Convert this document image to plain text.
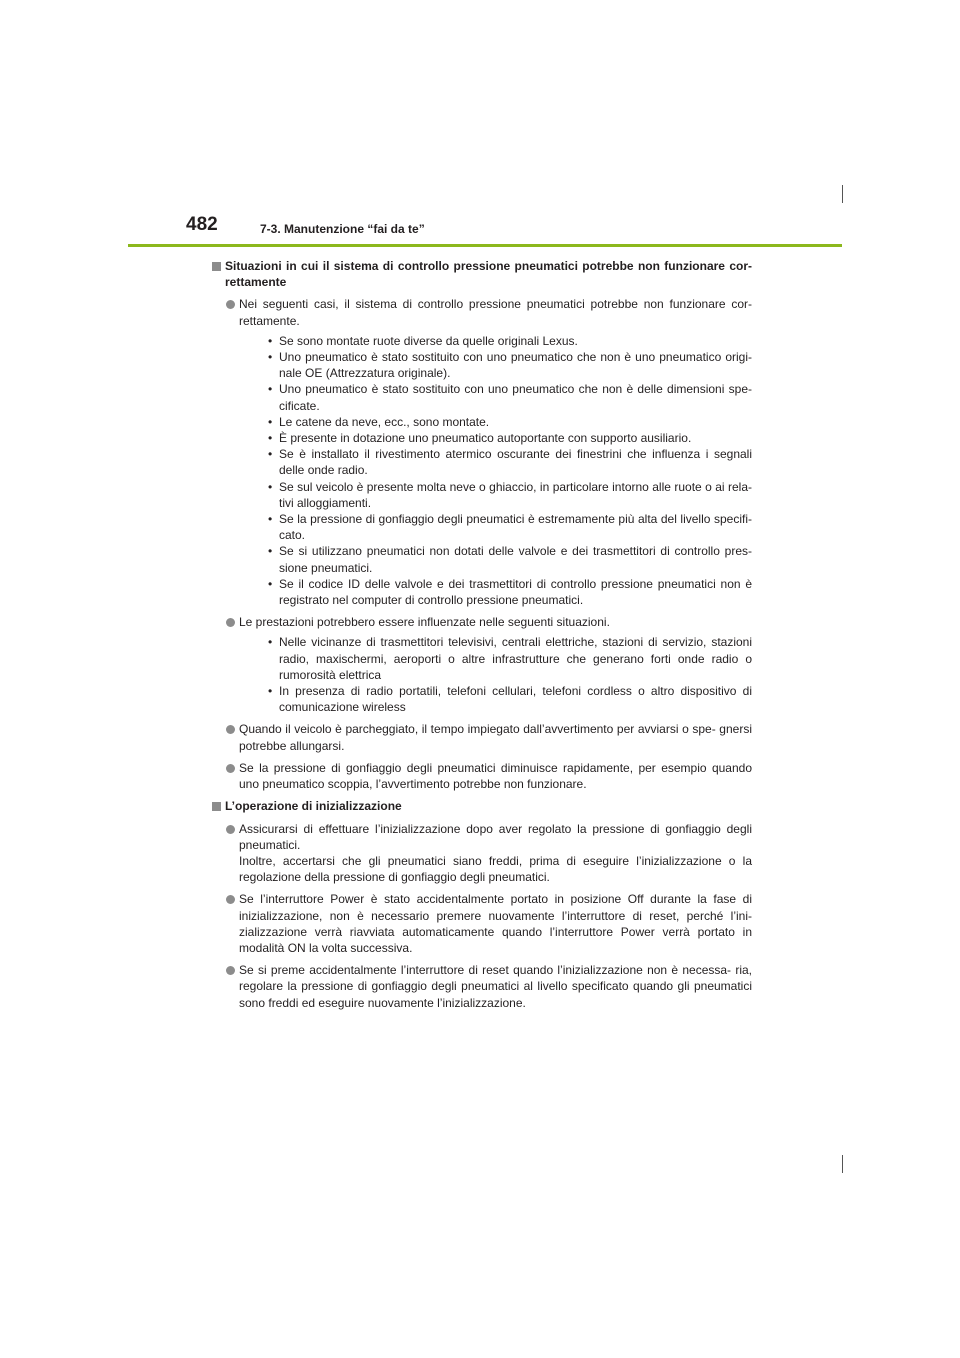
482	7-3. Manutenzione “fai da te”
Situazioni in cui il sistema di controllo pressione pneumatici potrebbe non funzionare cor- rettamente
Nei seguenti casi, il sistema di controllo pressione pneumatici potrebbe non funzionare cor- rettamente.
• Se sono montate ruote diverse da quelle originali Lexus.
• Uno pneumatico è stato sostituito con uno pneumatico che non è uno pneumatico origi- nale OE (Attrezzatura originale).
• Uno pneumatico è stato sostituito con uno pneumatico che non è delle dimensioni spe- cificate.
• Le catene da neve, ecc., sono montate.
• È presente in dotazione uno pneumatico autoportante con supporto ausiliario.
• Se è installato il rivestimento atermico oscurante dei finestrini che influenza i segnali delle onde radio.
• Se sul veicolo è presente molta neve o ghiaccio, in particolare intorno alle ruote o ai rela- tivi alloggiamenti.
• Se la pressione di gonfiaggio degli pneumatici è estremamente più alta del livello specifi- cato.
• Se si utilizzano pneumatici non dotati delle valvole e dei trasmettitori di controllo pres- sione pneumatici.
• Se il codice ID delle valvole e dei trasmettitori di controllo pressione pneumatici non è registrato nel computer di controllo pressione pneumatici.
Le prestazioni potrebbero essere influenzate nelle seguenti situazioni.
• Nelle vicinanze di trasmettitori televisivi, centrali elettriche, stazioni di servizio, stazioni radio, maxischermi, aeroporti o altre infrastrutture che generano forti onde radio o rumorosità elettrica
• In presenza di radio portatili, telefoni cellulari, telefoni cordless o altro dispositivo di comunicazione wireless
Quando il veicolo è parcheggiato, il tempo impiegato dall’avvertimento per avviarsi o spe- gnersi potrebbe allungarsi.
Se la pressione di gonfiaggio degli pneumatici diminuisce rapidamente, per esempio quando uno pneumatico scoppia, l’avvertimento potrebbe non funzionare.
L’operazione di inizializzazione
Assicurarsi di effettuare l’inizializzazione dopo aver regolato la pressione di gonfiaggio degli pneumatici.
Inoltre, accertarsi che gli pneumatici siano freddi, prima di eseguire l’inizializzazione o la regolazione della pressione di gonfiaggio degli pneumatici.
Se l’interruttore Power è stato accidentalmente portato in posizione Off durante la fase di inizializzazione, non è necessario premere nuovamente l’interruttore di reset, perché l’ini- zializzazione verrà riavviata automaticamente quando l’interruttore Power verrà portato in modalità ON la volta successiva.
Se si preme accidentalmente l’interruttore di reset quando l’inizializzazione non è necessa- ria, regolare la pressione di gonfiaggio degli pneumatici al livello specificato quando gli pneumatici sono freddi ed eseguire nuovamente l’inizializzazione.
